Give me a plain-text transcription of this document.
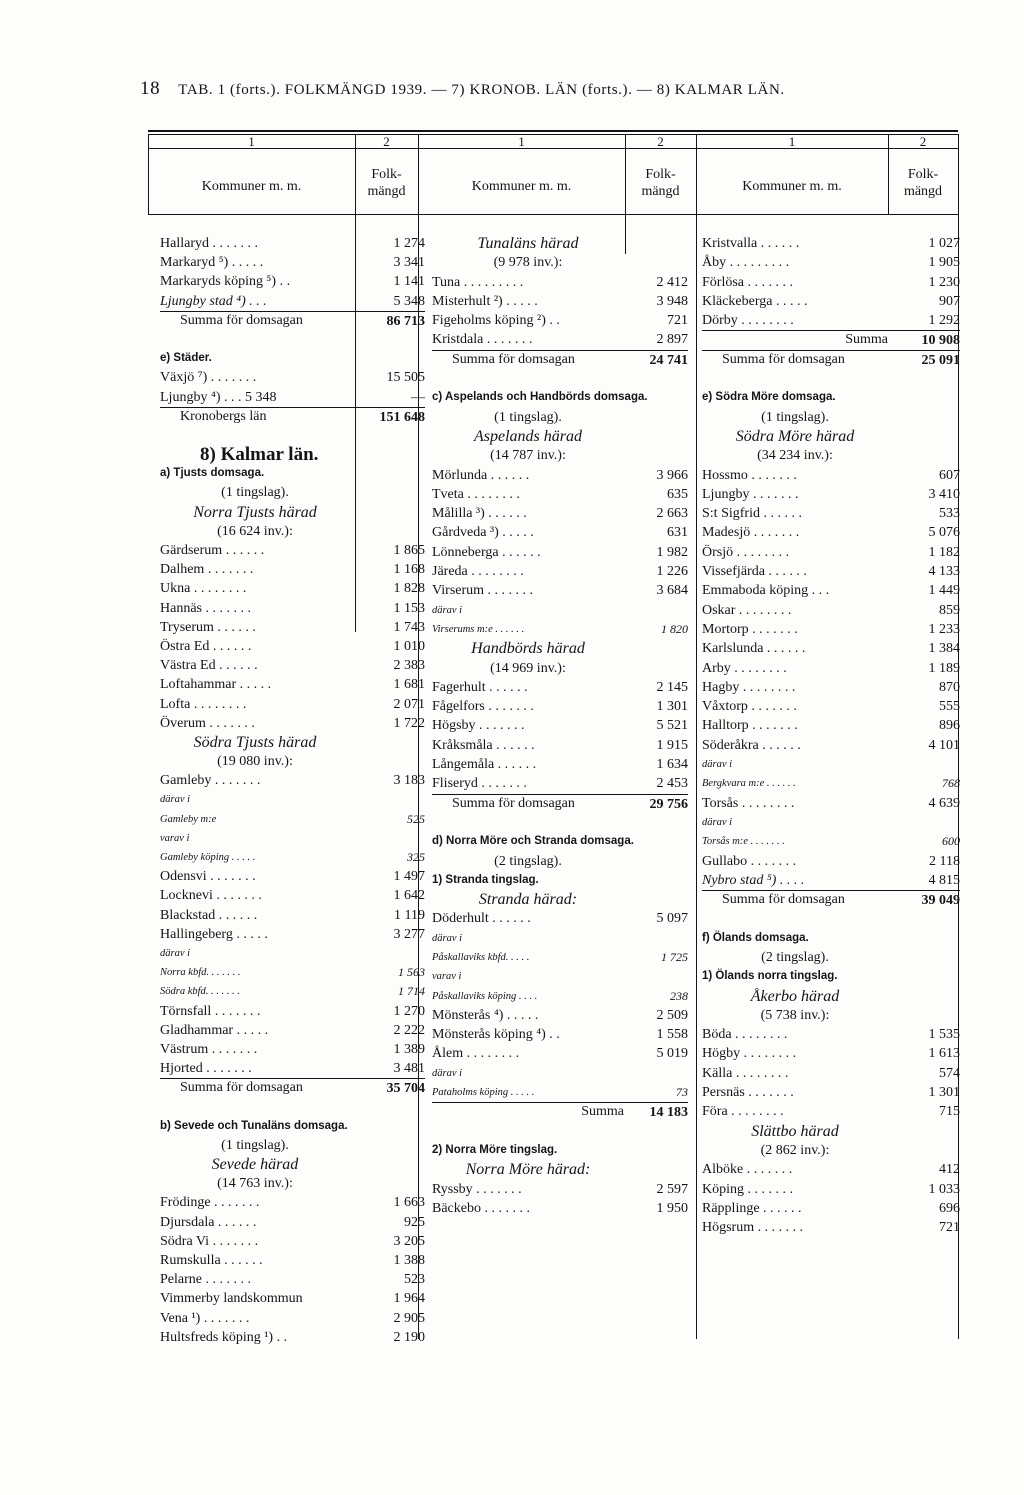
18 TAB. 1 (forts.). FOLKMÄNGD 1939. — 7) KRONOB. LÄN (forts.). — 8) KALMAR LÄN.
1	2	1	2	1	2
Kommuner m. m.
Folk-
mängd	Kommuner m. m.
Folk-
mängd	Kommuner m. m.
Folk-
mängd
Hallaryd . . . . . . .	1 274
Markaryd ⁵) . . . . .	3 341
Markaryds köping ⁵) . .	1 141
Ljungby stad ⁴) . . .	5 348
Summa för domsagan	86 713
e) Städer.
Växjö ⁷) . . . . . . .	15 505
Ljungby ⁴) . . . 5 348	—
Kronobergs län	151 648
8) Kalmar län.
a) Tjusts domsaga.
(1 tingslag).
Norra Tjusts härad
(16 624 inv.):
Gärdserum . . . . . .	1 865
Dalhem . . . . . . .	1 168
Ukna . . . . . . . .	1 828
Hannäs . . . . . . .	1 153
Tryserum . . . . . .	1 743
Östra Ed . . . . . .	1 010
Västra Ed . . . . . .	2 383
Loftahammar . . . . .	1 681
Lofta . . . . . . . .	2 071
Överum . . . . . . .	1 722
Södra Tjusts härad
(19 080 inv.):
Gamleby . . . . . . .	3 183
därav i
Gamleby m:e	525
varav i
Gamleby köping . . . . .	325
Odensvi . . . . . . .	1 497
Locknevi . . . . . . .	1 642
Blackstad . . . . . .	1 119
Hallingeberg . . . . .	3 277
därav i
Norra kbfd. . . . . . .	1 563
Södra kbfd. . . . . . .	1 714
Törnsfall . . . . . . .	1 270
Gladhammar . . . . .	2 222
Västrum . . . . . . .	1 389
Hjorted . . . . . . .	3 481
Summa för domsagan	35 704
b) Sevede och Tunaläns domsaga.
(1 tingslag).
Sevede härad
(14 763 inv.):
Frödinge . . . . . . .	1 663
Djursdala . . . . . .	925
Södra Vi . . . . . . .	3 205
Rumskulla . . . . . .	1 388
Pelarne . . . . . . .	523
Vimmerby landskommun	1 964
Vena ¹) . . . . . . .	2 905
Hultsfreds köping ¹) . .	2 190
Tunaläns härad
(9 978 inv.):
Tuna . . . . . . . . .	2 412
Misterhult ²) . . . . .	3 948
Figeholms köping ²) . .	721
Kristdala . . . . . . .	2 897
Summa för domsagan	24 741
c) Aspelands och Handbörds domsaga.
(1 tingslag).
Aspelands härad
(14 787 inv.):
Mörlunda . . . . . .	3 966
Tveta . . . . . . . .	635
Målilla ³) . . . . . .	2 663
Gårdveda ³) . . . . .	631
Lönneberga . . . . . .	1 982
Järeda . . . . . . . .	1 226
Virserum . . . . . . .	3 684
därav i
Virserums m:e . . . . . .	1 820
Handbörds härad
(14 969 inv.):
Fagerhult . . . . . .	2 145
Fågelfors . . . . . . .	1 301
Högsby . . . . . . .	5 521
Kråksmåla . . . . . .	1 915
Långemåla . . . . . .	1 634
Fliseryd . . . . . . .	2 453
Summa för domsagan	29 756
d) Norra Möre och Stranda domsaga.
(2 tingslag).
1) Stranda tingslag.
Stranda härad:
Döderhult . . . . . .	5 097
därav i
Påskallaviks kbfd. . . . .	1 725
varav i
Påskallaviks köping . . . .	238
Mönsterås ⁴) . . . . .	2 509
Mönsterås köping ⁴) . .	1 558
Ålem . . . . . . . .	5 019
därav i
Pataholms köping . . . . .	73
Summa	14 183
2) Norra Möre tingslag.
Norra Möre härad:
Ryssby . . . . . . .	2 597
Bäckebo . . . . . . .	1 950
Kristvalla . . . . . .	1 027
Åby . . . . . . . . .	1 905
Förlösa . . . . . . .	1 230
Kläckeberga . . . . .	907
Dörby . . . . . . . .	1 292
Summa	10 908
Summa för domsagan	25 091
e) Södra Möre domsaga.
(1 tingslag).
Södra Möre härad
(34 234 inv.):
Hossmo . . . . . . .	607
Ljungby . . . . . . .	3 410
S:t Sigfrid . . . . . .	533
Madesjö . . . . . . .	5 076
Örsjö . . . . . . . .	1 182
Vissefjärda . . . . . .	4 133
Emmaboda köping . . .	1 449
Oskar . . . . . . . .	859
Mortorp . . . . . . .	1 233
Karlslunda . . . . . .	1 384
Arby . . . . . . . .	1 189
Hagby . . . . . . . .	870
Våxtorp . . . . . . .	555
Halltorp . . . . . . .	896
Söderåkra . . . . . .	4 101
därav i
Bergkvara m:e . . . . . .	768
Torsås . . . . . . . .	4 639
därav i
Torsås m:e . . . . . . .	600
Gullabo . . . . . . .	2 118
Nybro stad ⁵) . . . .	4 815
Summa för domsagan	39 049
f) Ölands domsaga.
(2 tingslag).
1) Ölands norra tingslag.
Åkerbo härad
(5 738 inv.):
Böda . . . . . . . .	1 535
Högby . . . . . . . .	1 613
Källa . . . . . . . .	574
Persnäs . . . . . . .	1 301
Föra . . . . . . . .	715
Slättbo härad
(2 862 inv.):
Alböke . . . . . . .	412
Köping . . . . . . .	1 033
Räpplinge . . . . . .	696
Högsrum . . . . . . .	721
